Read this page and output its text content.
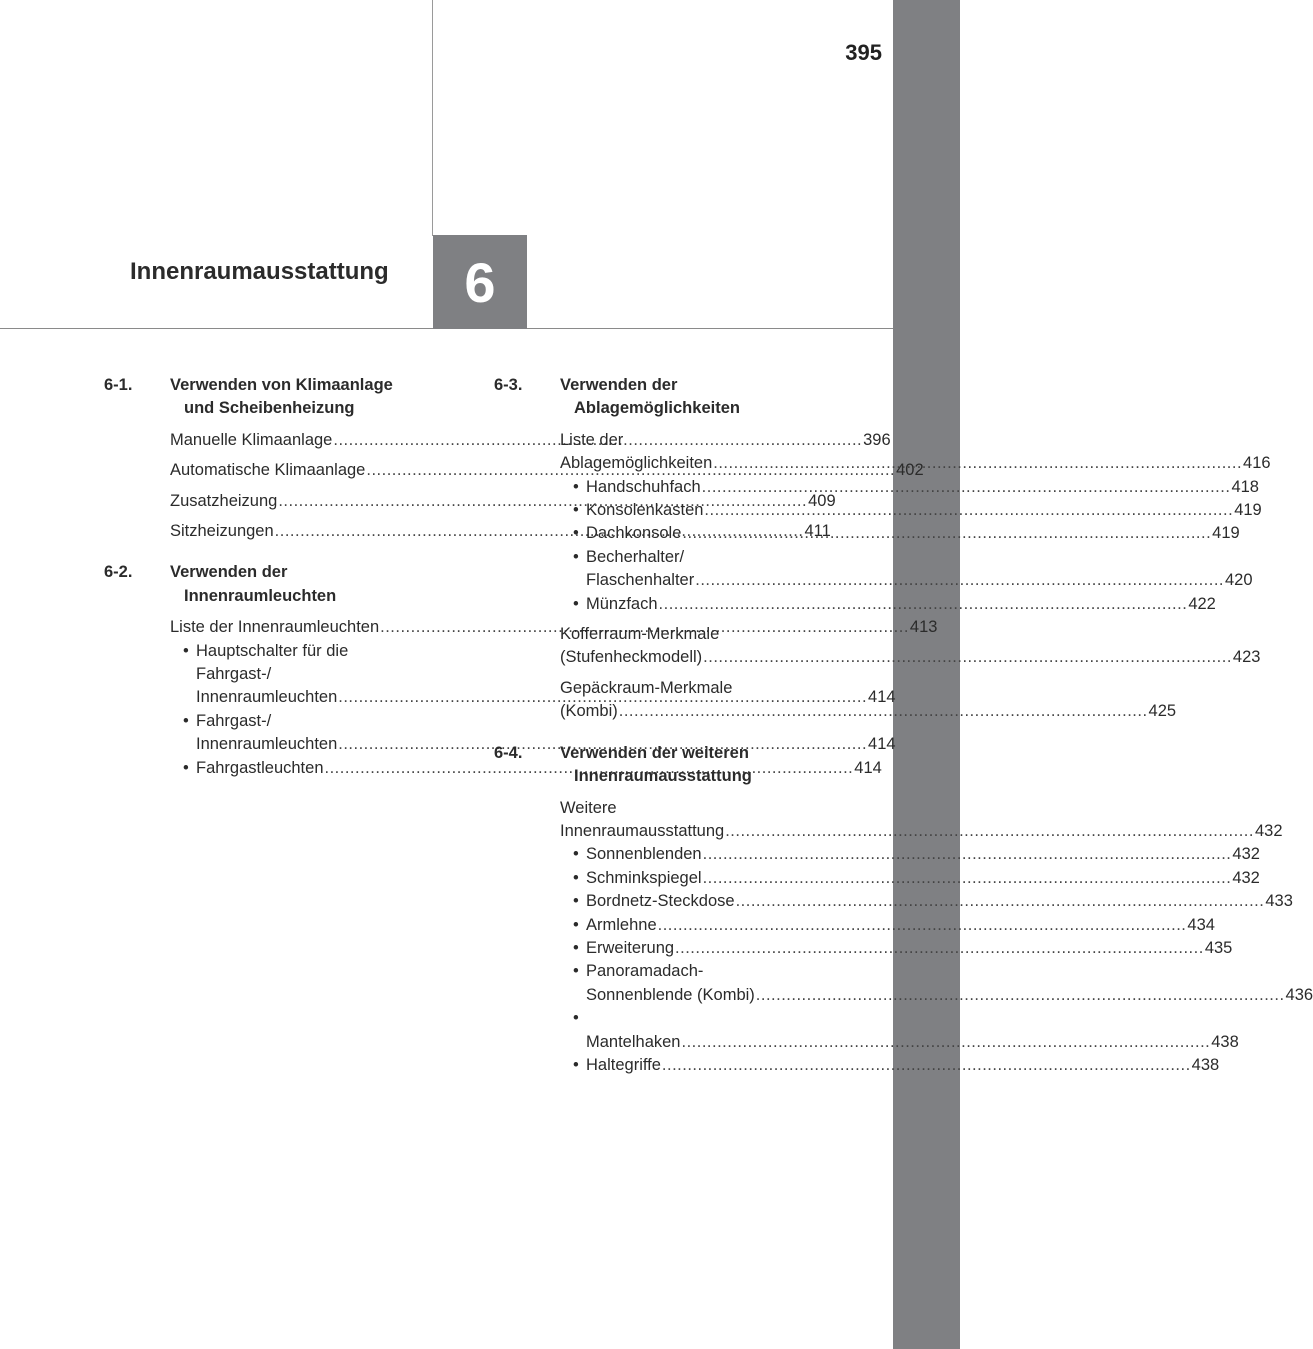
395
Innenraumausstattung	6
6-1.	Verwenden von Klimaanlage
und Scheibenheizung
Manuelle Klimaanlage .....	396
Automatische Klimaanlage .....	402
Zusatzheizung .....	409
Sitzheizungen .....	411
6-2.	Verwenden der
Innenraumleuchten
Liste der Innenraumleuchten .....	413
• Hauptschalter für die
Fahrgast-/
Innenraumleuchten .....	414
• Fahrgast-/
Innenraumleuchten .....	414
• Fahrgastleuchten .....	414
6-3.	Verwenden der
Ablagemöglichkeiten
Liste der
Ablagemöglichkeiten .....	416
• Handschuhfach .....	418
• Konsolenkasten .....	419
• Dachkonsole .....	419
• Becherhalter/
Flaschenhalter .....	420
• Münzfach .....	422
Kofferraum-Merkmale
(Stufenheckmodell) .....	423
Gepäckraum-Merkmale
(Kombi) .....	425
6-4.	Verwenden der weiteren
Innenraumausstattung
Weitere
Innenraumausstattung .....	432
• Sonnenblenden .....	432
• Schminkspiegel .....	432
• Bordnetz-Steckdose .....	433
• Armlehne .....	434
• Erweiterung .....	435
• Panoramadach-
Sonnenblende (Kombi) .....	436
•
Mantelhaken .....	438
• Haltegriffe .....	438
